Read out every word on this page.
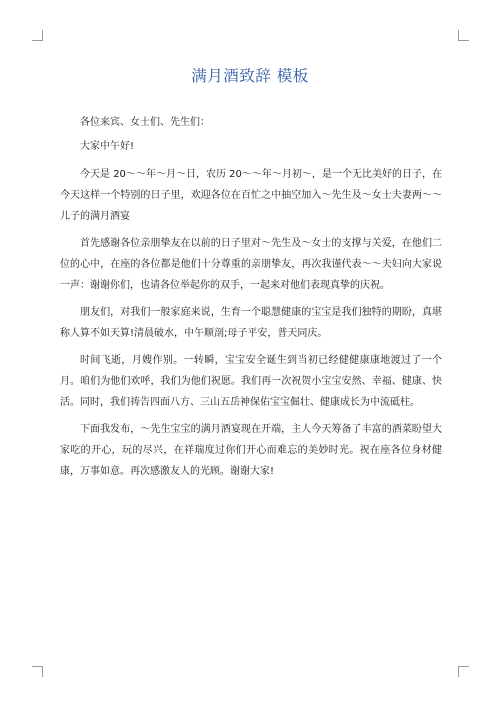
满月酒致辞 模板

各位来宾、女士们、先生们：

大家中午好!

今天是 20～～年～月～日，农历 20～～年～月初～，是一个无比美好的日子，在今天这样一个特别的日子里，欢迎各位在百忙之中抽空加入～先生及～女士夫妻两～～儿子的满月酒宴

首先感谢各位亲朋挚友在以前的日子里对～先生及～女士的支撑与关爱，在他们二位的心中，在座的各位都是他们十分尊重的亲朋挚友，再次我谨代表～～夫妇向大家说一声：谢谢你们，也请各位举起你的双手，一起来对他们表现真挚的庆祝。

朋友们，对我们一般家庭来说，生育一个聪慧健康的宝宝是我们独特的期盼，真堪称人算不如天算!清晨破水，中午顺剖;母子平安，普天同庆。

时间飞逝，月嫂作别。一转瞬，宝宝安全诞生到当初已经健健康康地渡过了一个月。咱们为他们欢呼，我们为他们祝愿。我们再一次祝贺小宝宝安然、幸福、健康、快活。同时，我们祷告四面八方、三山五岳神保佑宝宝倔壮、健康成长为中流砥柱。

下面我发布，～先生宝宝的满月酒宴现在开端，主人今天筹备了丰富的酒菜盼望大家吃的开心，玩的尽兴，在祥瑞度过你们开心而难忘的美妙时光。祝在座各位身材健康，万事如意。再次感激友人的光顾。谢谢大家!
